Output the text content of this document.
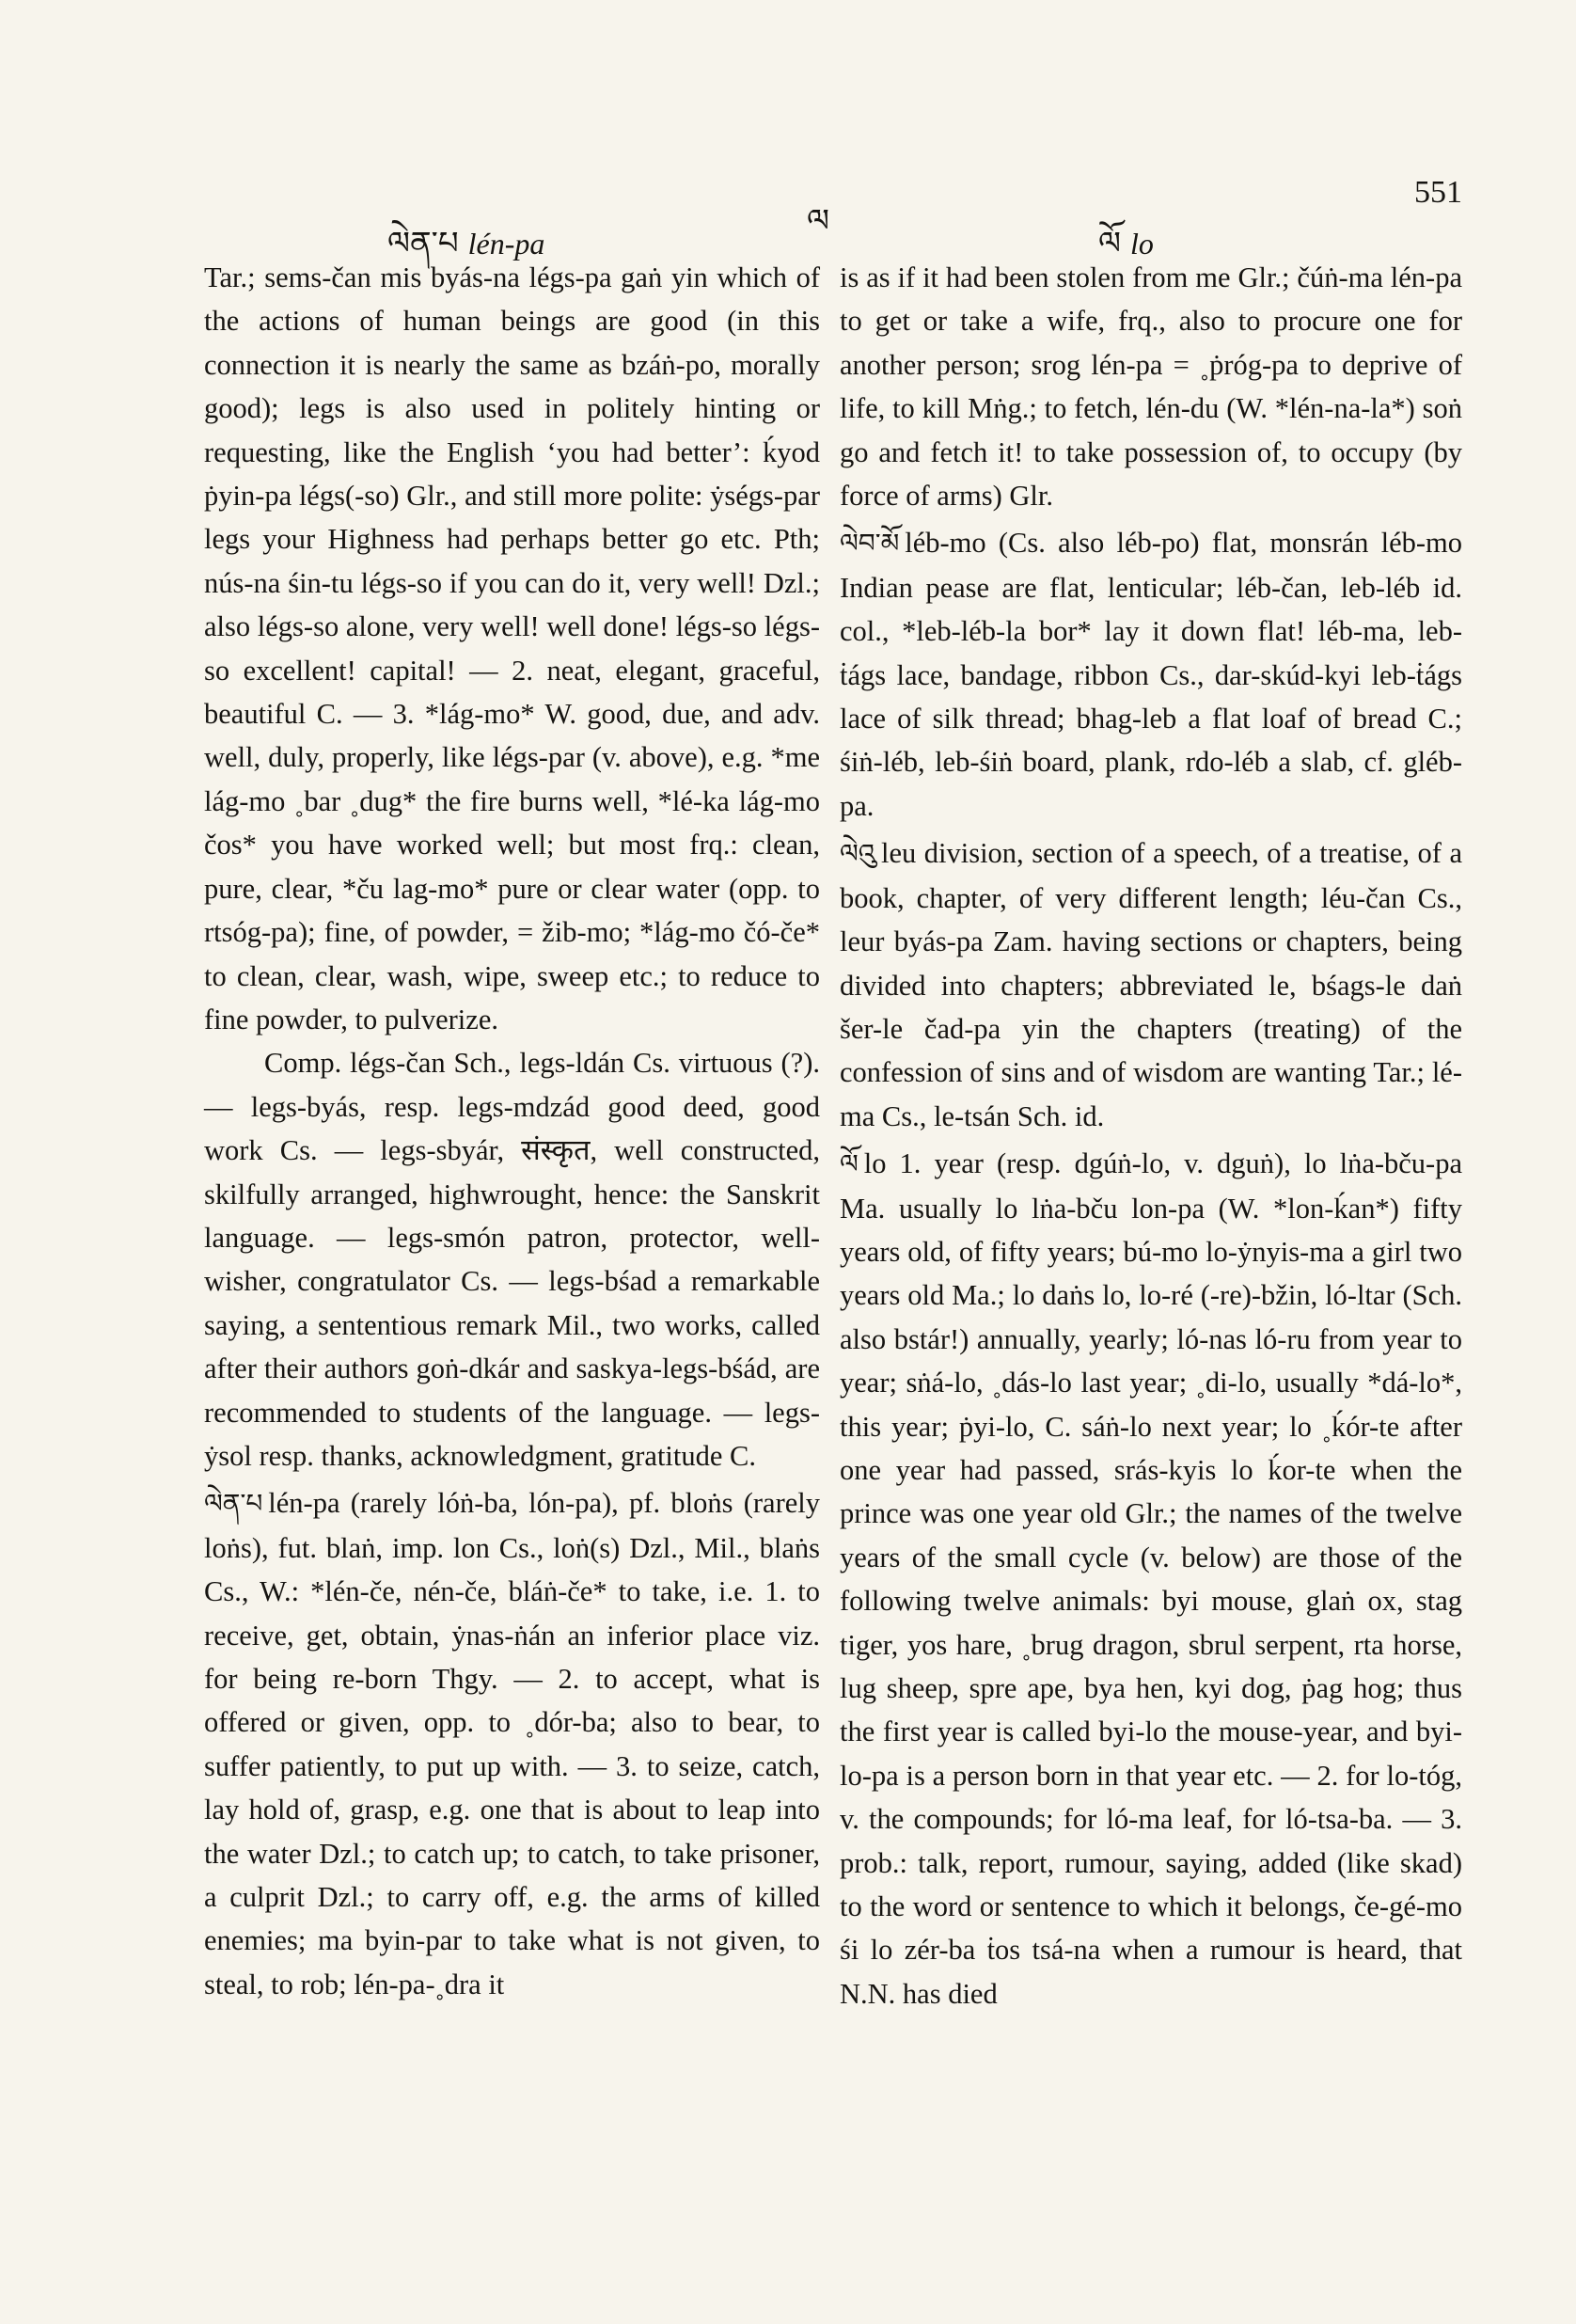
551
ལེན་པ lén-pa
ལ
ལོ lo

Tar.; sems-čan mis byás-na légs-pa gaṅ yin which of the actions of human beings are good (in this connection it is nearly the same as bzáṅ-po, morally good); legs is also used in politely hinting or requesting, like the English ‘you had better’: ḱyod ṗyin-pa légs(-so) Glr., and still more polite: ẏségs-par legs your Highness had perhaps better go etc. Pth; nús-na śin-tu légs-so if you can do it, very well! Dzl.; also légs-so alone, very well! well done! légs-so légs-so excellent! capital! — 2. neat, elegant, graceful, beautiful C. — 3. *lág-mo* W. good, due, and adv. well, duly, properly, like légs-par (v. above), e.g. *me lág-mo ˳bar ˳dug* the fire burns well, *lé-ka lág-mo čos* you have worked well; but most frq.: clean, pure, clear, *ču lag-mo* pure or clear water (opp. to rtsóg-pa); fine, of powder, = žib-mo; *lág-mo čó-če* to clean, clear, wash, wipe, sweep etc.; to reduce to fine powder, to pulverize.

Comp. légs-čan Sch., legs-ldán Cs. virtuous (?). — legs-byás, resp. legs-mdzád good deed, good work Cs. — legs-sbyár, संस्कृत, well constructed, skilfully arranged, highwrought, hence: the Sanskrit language. — legs-smón patron, protector, well-wisher, congratulator Cs. — legs-bśad a remarkable saying, a sententious remark Mil., two works, called after their authors goṅ-dkár and saskya-legs-bśád, are recommended to students of the language. — legs-ẏsol resp. thanks, acknowledgment, gratitude C.

ལེན་པ lén-pa (rarely lóṅ-ba, lón-pa), pf. bloṅs (rarely loṅs), fut. blaṅ, imp. lon Cs., loṅ(s) Dzl., Mil., blaṅs Cs., W.: *lén-če, nén-če, bláṅ-če* to take, i.e. 1. to receive, get, obtain, ẏnas-ṅán an inferior place viz. for being re-born Thgy. — 2. to accept, what is offered or given, opp. to ˳dór-ba; also to bear, to suffer patiently, to put up with. — 3. to seize, catch, lay hold of, grasp, e.g. one that is about to leap into the water Dzl.; to catch up; to catch, to take prisoner, a culprit Dzl.; to carry off, e.g. the arms of killed enemies; ma byin-par to take what is not given, to steal, to rob; lén-pa-˳dra it

is as if it had been stolen from me Glr.; čúṅ-ma lén-pa to get or take a wife, frq., also to procure one for another person; srog lén-pa = ˳ṗróg-pa to deprive of life, to kill Mṅg.; to fetch, lén-du (W. *lén-na-la*) soṅ go and fetch it! to take possession of, to occupy (by force of arms) Glr.

ལེབ་མོ léb-mo (Cs. also léb-po) flat, monsrán léb-mo Indian pease are flat, lenticular; léb-čan, leb-léb id. col., *leb-léb-la bor* lay it down flat! léb-ma, leb-ṫágs lace, bandage, ribbon Cs., dar-skúd-kyi leb-ṫágs lace of silk thread; bhag-leb a flat loaf of bread C.; śiṅ-léb, leb-śiṅ board, plank, rdo-léb a slab, cf. gléb-pa.

ལེའུ leu division, section of a speech, of a treatise, of a book, chapter, of very different length; léu-čan Cs., leur byás-pa Zam. having sections or chapters, being divided into chapters; abbreviated le, bśags-le daṅ šer-le čad-pa yin the chapters (treating) of the confession of sins and of wisdom are wanting Tar.; lé-ma Cs., le-tsán Sch. id.

ལོ lo 1. year (resp. dgúṅ-lo, v. dguṅ), lo lṅa-bču-pa Ma. usually lo lṅa-bču lon-pa (W. *lon-ḱan*) fifty years old, of fifty years; bú-mo lo-ẏnyis-ma a girl two years old Ma.; lo daṅs lo, lo-ré (-re)-bžin, ló-ltar (Sch. also bstár!) annually, yearly; ló-nas ló-ru from year to year; sṅá-lo, ˳dás-lo last year; ˳di-lo, usually *dá-lo*, this year; ṗyi-lo, C. sáṅ-lo next year; lo ˳ḱór-te after one year had passed, srás-kyis lo ḱor-te when the prince was one year old Glr.; the names of the twelve years of the small cycle (v. below) are those of the following twelve animals: byi mouse, glaṅ ox, stag tiger, yos hare, ˳brug dragon, sbrul serpent, rta horse, lug sheep, spre ape, bya hen, kyi dog, ṗag hog; thus the first year is called byi-lo the mouse-year, and byi-lo-pa is a person born in that year etc. — 2. for lo-tóg, v. the compounds; for ló-ma leaf, for ló-tsa-ba. — 3. prob.: talk, report, rumour, saying, added (like skad) to the word or sentence to which it belongs, če-gé-mo śi lo zér-ba ṫos tsá-na when a rumour is heard, that N.N. has died
